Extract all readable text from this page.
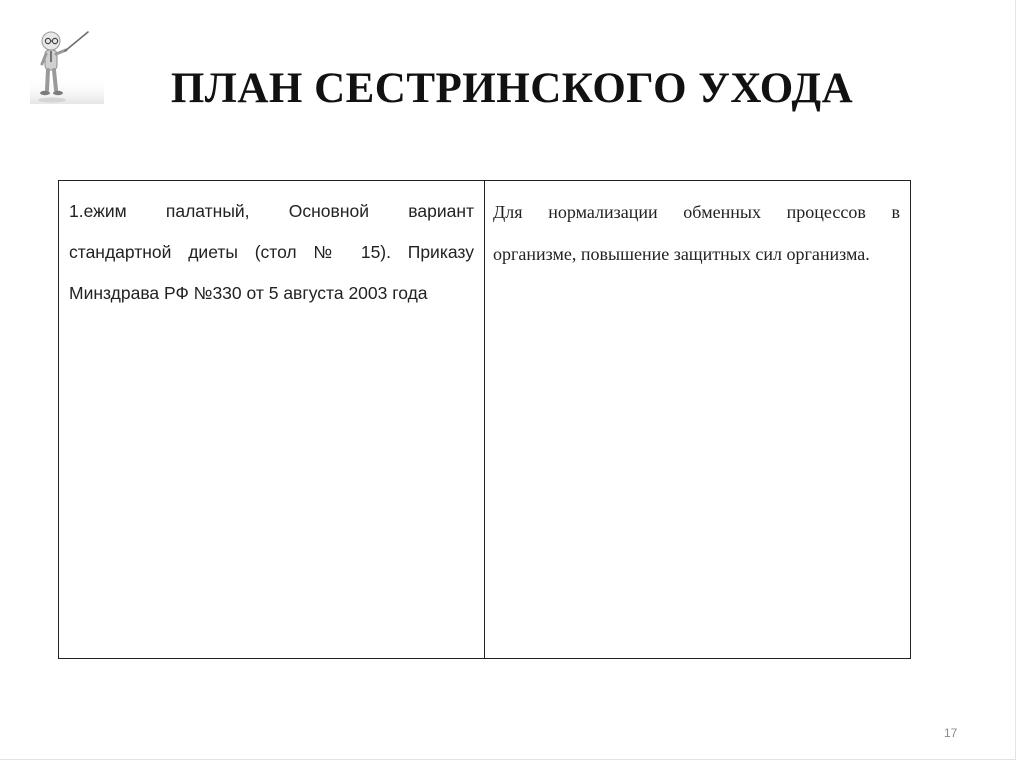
ПЛАН СЕСТРИНСКОГО УХОДА
1.ежим палатный, Основной вариант стандартной диеты (стол № 15). Приказу Минздрава РФ №330 от 5 августа 2003 года	Для нормализации обменных процессов в организме, повышение защитных сил организма.
17
